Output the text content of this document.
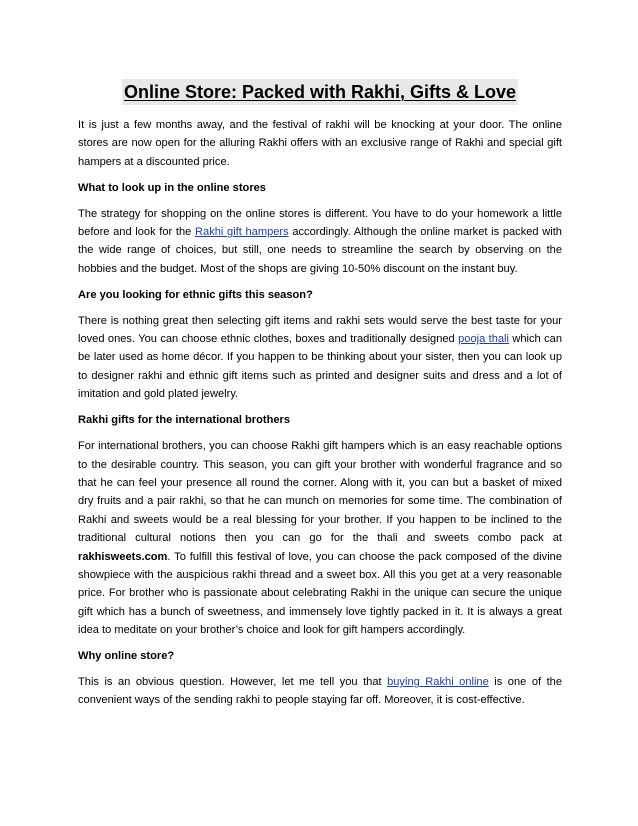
Online Store: Packed with Rakhi, Gifts & Love

It is just a few months away, and the festival of rakhi will be knocking at your door. The online stores are now open for the alluring Rakhi offers with an exclusive range of Rakhi and special gift hampers at a discounted price.

What to look up in the online stores

The strategy for shopping on the online stores is different. You have to do your homework a little before and look for the Rakhi gift hampers accordingly. Although the online market is packed with the wide range of choices, but still, one needs to streamline the search by observing on the hobbies and the budget. Most of the shops are giving 10-50% discount on the instant buy.

Are you looking for ethnic gifts this season?

There is nothing great then selecting gift items and rakhi sets would serve the best taste for your loved ones. You can choose ethnic clothes, boxes and traditionally designed pooja thali which can be later used as home décor. If you happen to be thinking about your sister, then you can look up to designer rakhi and ethnic gift items such as printed and designer suits and dress and a lot of imitation and gold plated jewelry.

Rakhi gifts for the international brothers

For international brothers, you can choose Rakhi gift hampers which is an easy reachable options to the desirable country. This season, you can gift your brother with wonderful fragrance and so that he can feel your presence all round the corner. Along with it, you can but a basket of mixed dry fruits and a pair rakhi, so that he can munch on memories for some time. The combination of Rakhi and sweets would be a real blessing for your brother. If you happen to be inclined to the traditional cultural notions then you can go for the thali and sweets combo pack at rakhisweets.com. To fulfill this festival of love, you can choose the pack composed of the divine showpiece with the auspicious rakhi thread and a sweet box. All this you get at a very reasonable price. For brother who is passionate about celebrating Rakhi in the unique can secure the unique gift which has a bunch of sweetness, and immensely love tightly packed in it. It is always a great idea to meditate on your brother’s choice and look for gift hampers accordingly.

Why online store?

This is an obvious question. However, let me tell you that buying Rakhi online is one of the convenient ways of the sending rakhi to people staying far off. Moreover, it is cost-effective.
